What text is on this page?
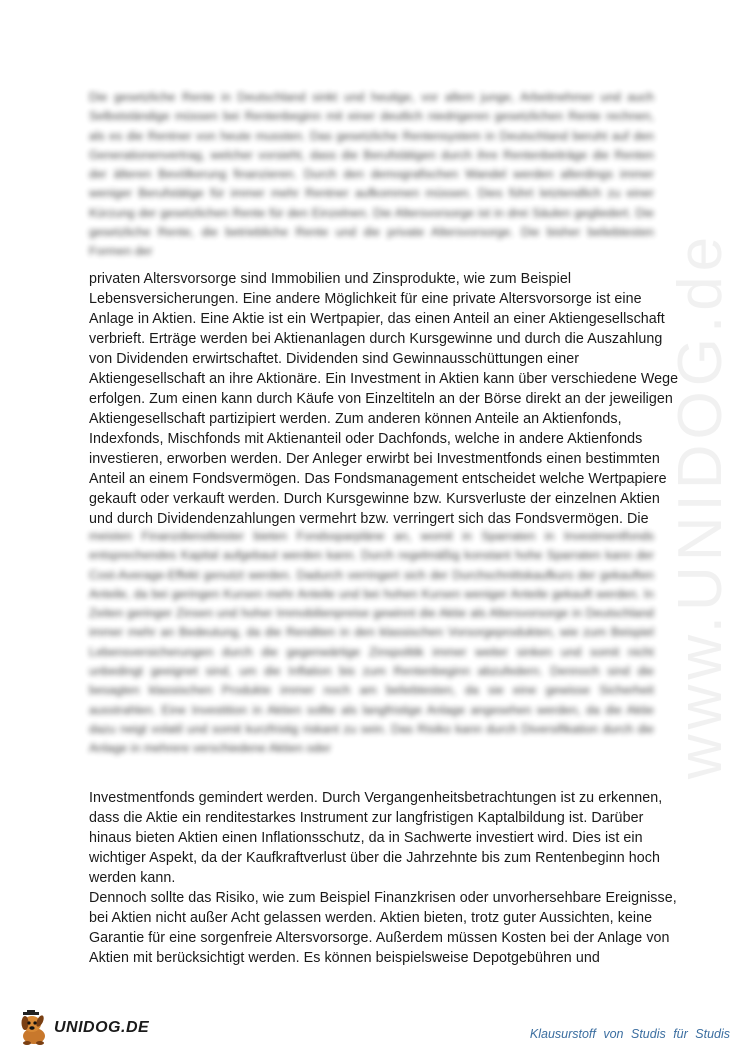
www.UNIDOG.de
Die gesetzliche Rente in Deutschland sinkt und heutige, vor allem junge, Arbeitnehmer und auch Selbstständige müssen bei Rentenbeginn mit einer deutlich niedrigeren gesetzlichen Rente rechnen, als es die Rentner von heute mussten. Das gesetzliche Rentensystem in Deutschland beruht auf den Generationenvertrag, welcher vorsieht, dass die Berufstätigen durch ihre Rentenbeiträge die Renten der älteren Bevölkerung finanzieren. Durch den demografischen Wandel werden allerdings immer weniger Berufstätige für immer mehr Rentner aufkommen müssen. Dies führt letztendlich zu einer Kürzung der gesetzlichen Rente für den Einzelnen. Die Altersvorsorge ist in drei Säulen gegliedert. Die gesetzliche Rente, die betriebliche Rente und die private Altersvorsorge. Die bisher beliebtesten Formen der
privaten Altersvorsorge sind Immobilien und Zinsprodukte, wie zum Beispiel
Lebensversicherungen. Eine andere Möglichkeit für eine private Altersvorsorge ist eine
Anlage in Aktien. Eine Aktie ist ein Wertpapier, das einen Anteil an einer Aktiengesellschaft
verbrieft. Erträge werden bei Aktienanlagen durch Kursgewinne und durch die Auszahlung
von Dividenden erwirtschaftet. Dividenden sind Gewinnausschüttungen einer
Aktiengesellschaft an ihre Aktionäre. Ein Investment in Aktien kann über verschiedene Wege
erfolgen. Zum einen kann durch Käufe von Einzeltiteln an der Börse direkt an der jeweiligen
Aktiengesellschaft partizipiert werden. Zum anderen können Anteile an Aktienfonds,
Indexfonds, Mischfonds mit Aktienanteil oder Dachfonds, welche in andere Aktienfonds
investieren, erworben werden. Der Anleger erwirbt bei Investmentfonds einen bestimmten
Anteil an einem Fondsvermögen. Das Fondsmanagement entscheidet welche Wertpapiere
gekauft oder verkauft werden. Durch Kursgewinne bzw. Kursverluste der einzelnen Aktien
und durch Dividendenzahlungen vermehrt bzw. verringert sich das Fondsvermögen. Die
meisten Finanzdienstleister bieten Fondssparpläne an, womit in Sparraten in Investmentfonds entsprechendes Kapital aufgebaut werden kann. Durch regelmäßig konstant hohe Sparraten kann der Cost-Average-Effekt genutzt werden. Dadurch verringert sich der Durchschnittskaufkurs der gekauften Anteile, da bei geringen Kursen mehr Anteile und bei hohen Kursen weniger Anteile gekauft werden. In Zeiten geringer Zinsen und hoher Immobilienpreise gewinnt die Aktie als Altersvorsorge in Deutschland immer mehr an Bedeutung, da die Renditen in den klassischen Vorsorgeprodukten, wie zum Beispiel Lebensversicherungen durch die gegenwärtige Zinspolitik immer weiter sinken und somit nicht unbedingt geeignet sind, um die Inflation bis zum Rentenbeginn abzufedern. Dennoch sind die besagten klassischen Produkte immer noch am beliebtesten, da sie eine gewisse Sicherheit ausstrahlen. Eine Investition in Aktien sollte als langfristige Anlage angesehen werden, da die Aktie dazu neigt volatil und somit kurzfristig riskant zu sein. Das Risiko kann durch Diversifikation durch die Anlage in mehrere verschiedene Aktien oder
Investmentfonds gemindert werden. Durch Vergangenheitsbetrachtungen ist zu erkennen,
dass die Aktie ein renditestarkes Instrument zur langfristigen Kaptalbildung ist. Darüber
hinaus bieten Aktien einen Inflationsschutz, da in Sachwerte investiert wird. Dies ist ein
wichtiger Aspekt, da der Kaufkraftverlust über die Jahrzehnte bis zum Rentenbeginn hoch
werden kann.
Dennoch sollte das Risiko, wie zum Beispiel Finanzkrisen oder unvorhersehbare Ereignisse,
bei Aktien nicht außer Acht gelassen werden. Aktien bieten, trotz guter Aussichten, keine
Garantie für eine sorgenfreie Altersvorsorge. Außerdem müssen Kosten bei der Anlage von
Aktien mit berücksichtigt werden. Es können beispielsweise Depotgebühren und
UNIDOG.DE	Klausurstoff von Studis für Studis
